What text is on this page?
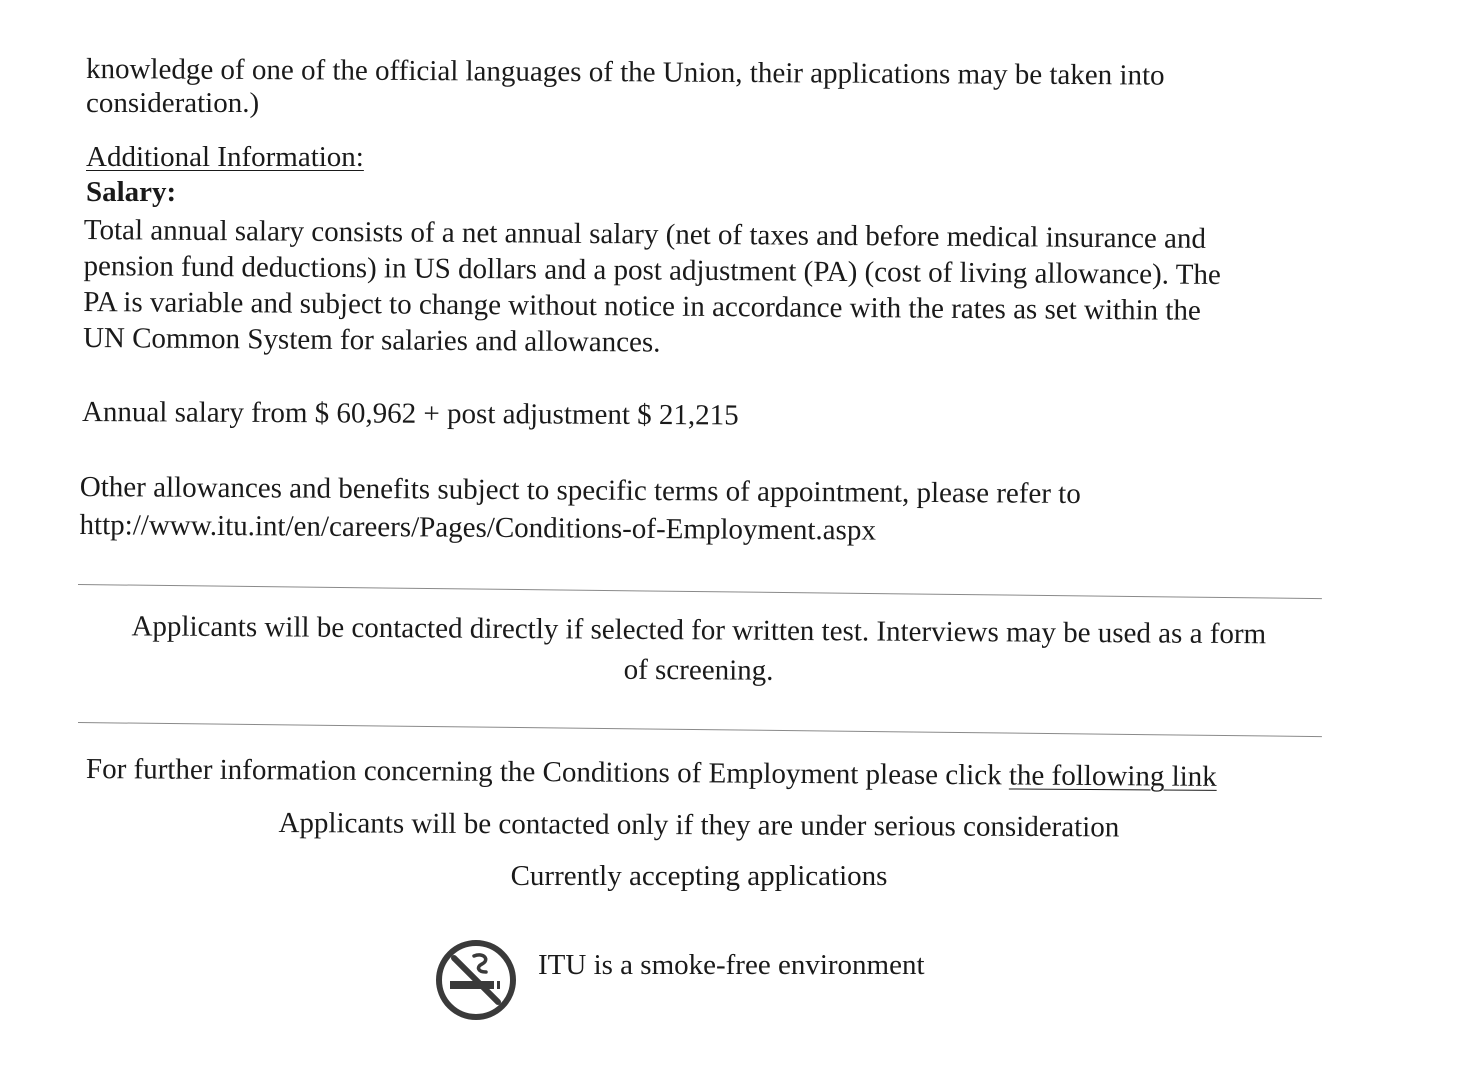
knowledge of one of the official languages of the Union, their applications may be taken into
consideration.)
Additional Information:
Salary:
Total annual salary consists of a net annual salary (net of taxes and before medical insurance and
pension fund deductions) in US dollars and a post adjustment (PA) (cost of living allowance). The
PA is variable and subject to change without notice in accordance with the rates as set within the
UN Common System for salaries and allowances.
Annual salary from $ 60,962 + post adjustment $ 21,215
Other allowances and benefits subject to specific terms of appointment, please refer to
http://www.itu.int/en/careers/Pages/Conditions-of-Employment.aspx
Applicants will be contacted directly if selected for written test. Interviews may be used as a form
of screening.
For further information concerning the Conditions of Employment please click the following link
Applicants will be contacted only if they are under serious consideration
Currently accepting applications
ITU is a smoke-free environment
